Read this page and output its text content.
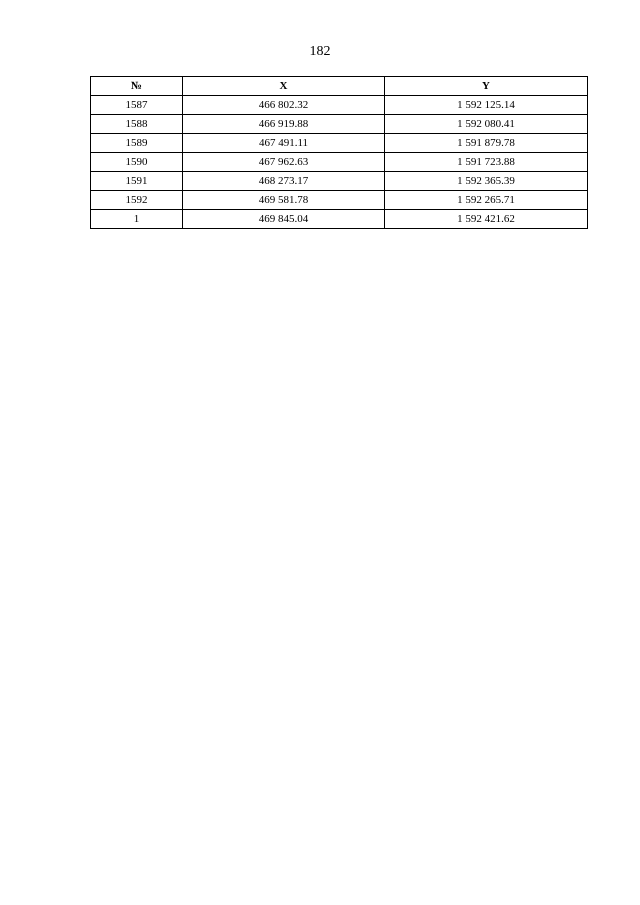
182
№	X	Y
1587	466 802.32	1 592 125.14
1588	466 919.88	1 592 080.41
1589	467 491.11	1 591 879.78
1590	467 962.63	1 591 723.88
1591	468 273.17	1 592 365.39
1592	469 581.78	1 592 265.71
1	469 845.04	1 592 421.62
